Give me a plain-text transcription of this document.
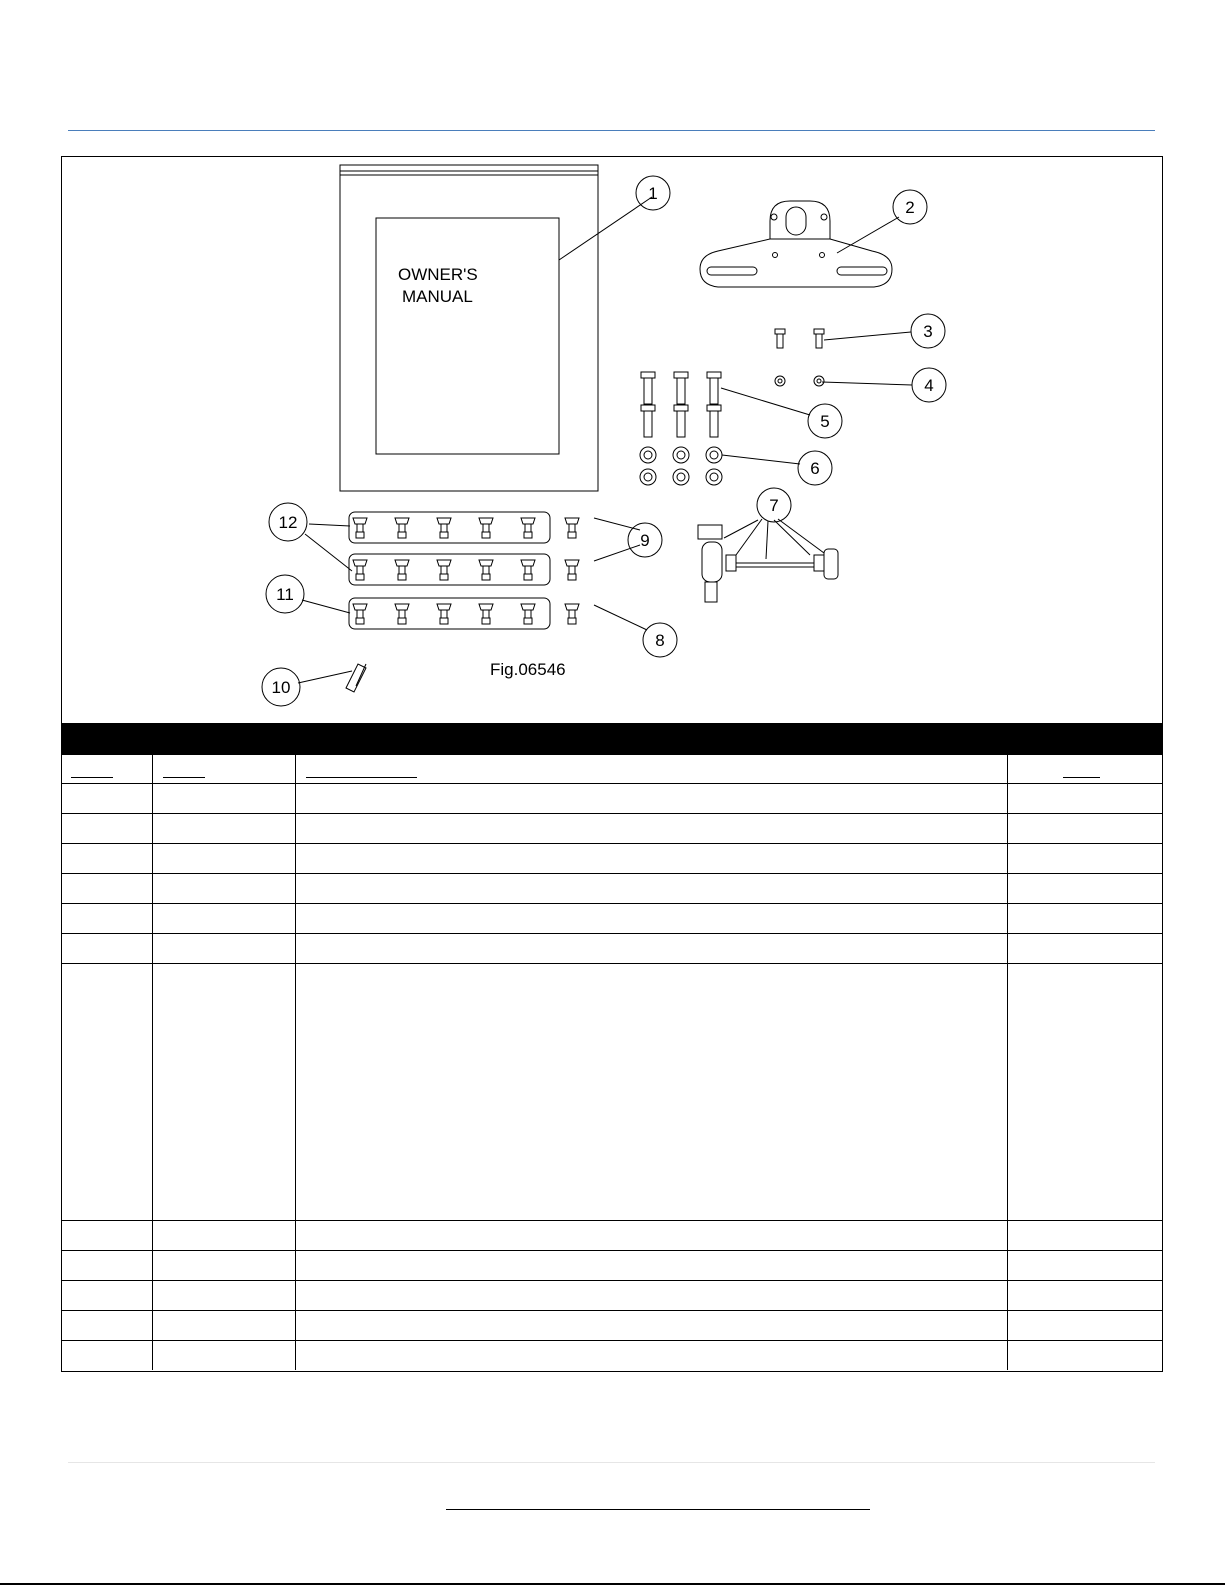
OWNER'S
MANUAL
1
2
3
4
5
6
7
8
9
10
11
12
Fig.06546
